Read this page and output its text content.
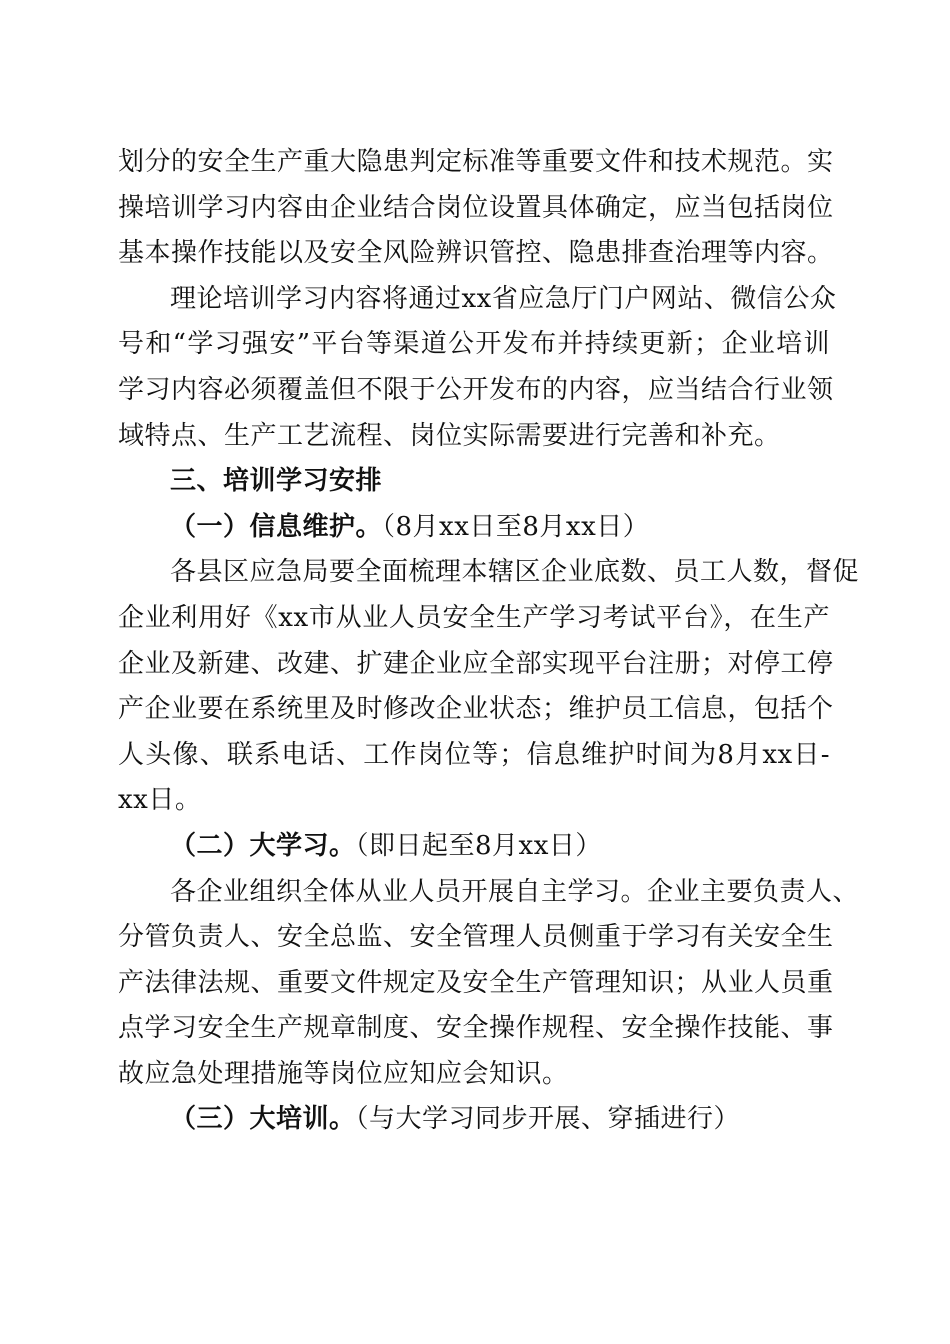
划分的安全生产重大隐患判定标准等重要文件和技术规范。实
操培训学习内容由企业结合岗位设置具体确定，应当包括岗位
基本操作技能以及安全风险辨识管控、隐患排查治理等内容。
理论培训学习内容将通过xx省应急厅门户网站、微信公众
号和“学习强安”平台等渠道公开发布并持续更新；企业培训
学习内容必须覆盖但不限于公开发布的内容，应当结合行业领
域特点、生产工艺流程、岗位实际需要进行完善和补充。
三、培训学习安排
（一）信息维护。（8月xx日至8月xx日）
各县区应急局要全面梳理本辖区企业底数、员工人数，督促
企业利用好《xx市从业人员安全生产学习考试平台》，在生产
企业及新建、改建、扩建企业应全部实现平台注册；对停工停
产企业要在系统里及时修改企业状态；维护员工信息，包括个
人头像、联系电话、工作岗位等；信息维护时间为8月xx日-
xx日。
（二）大学习。（即日起至8月xx日）
各企业组织全体从业人员开展自主学习。企业主要负责人、
分管负责人、安全总监、安全管理人员侧重于学习有关安全生
产法律法规、重要文件规定及安全生产管理知识；从业人员重
点学习安全生产规章制度、安全操作规程、安全操作技能、事
故应急处理措施等岗位应知应会知识。
（三）大培训。（与大学习同步开展、穿插进行）
